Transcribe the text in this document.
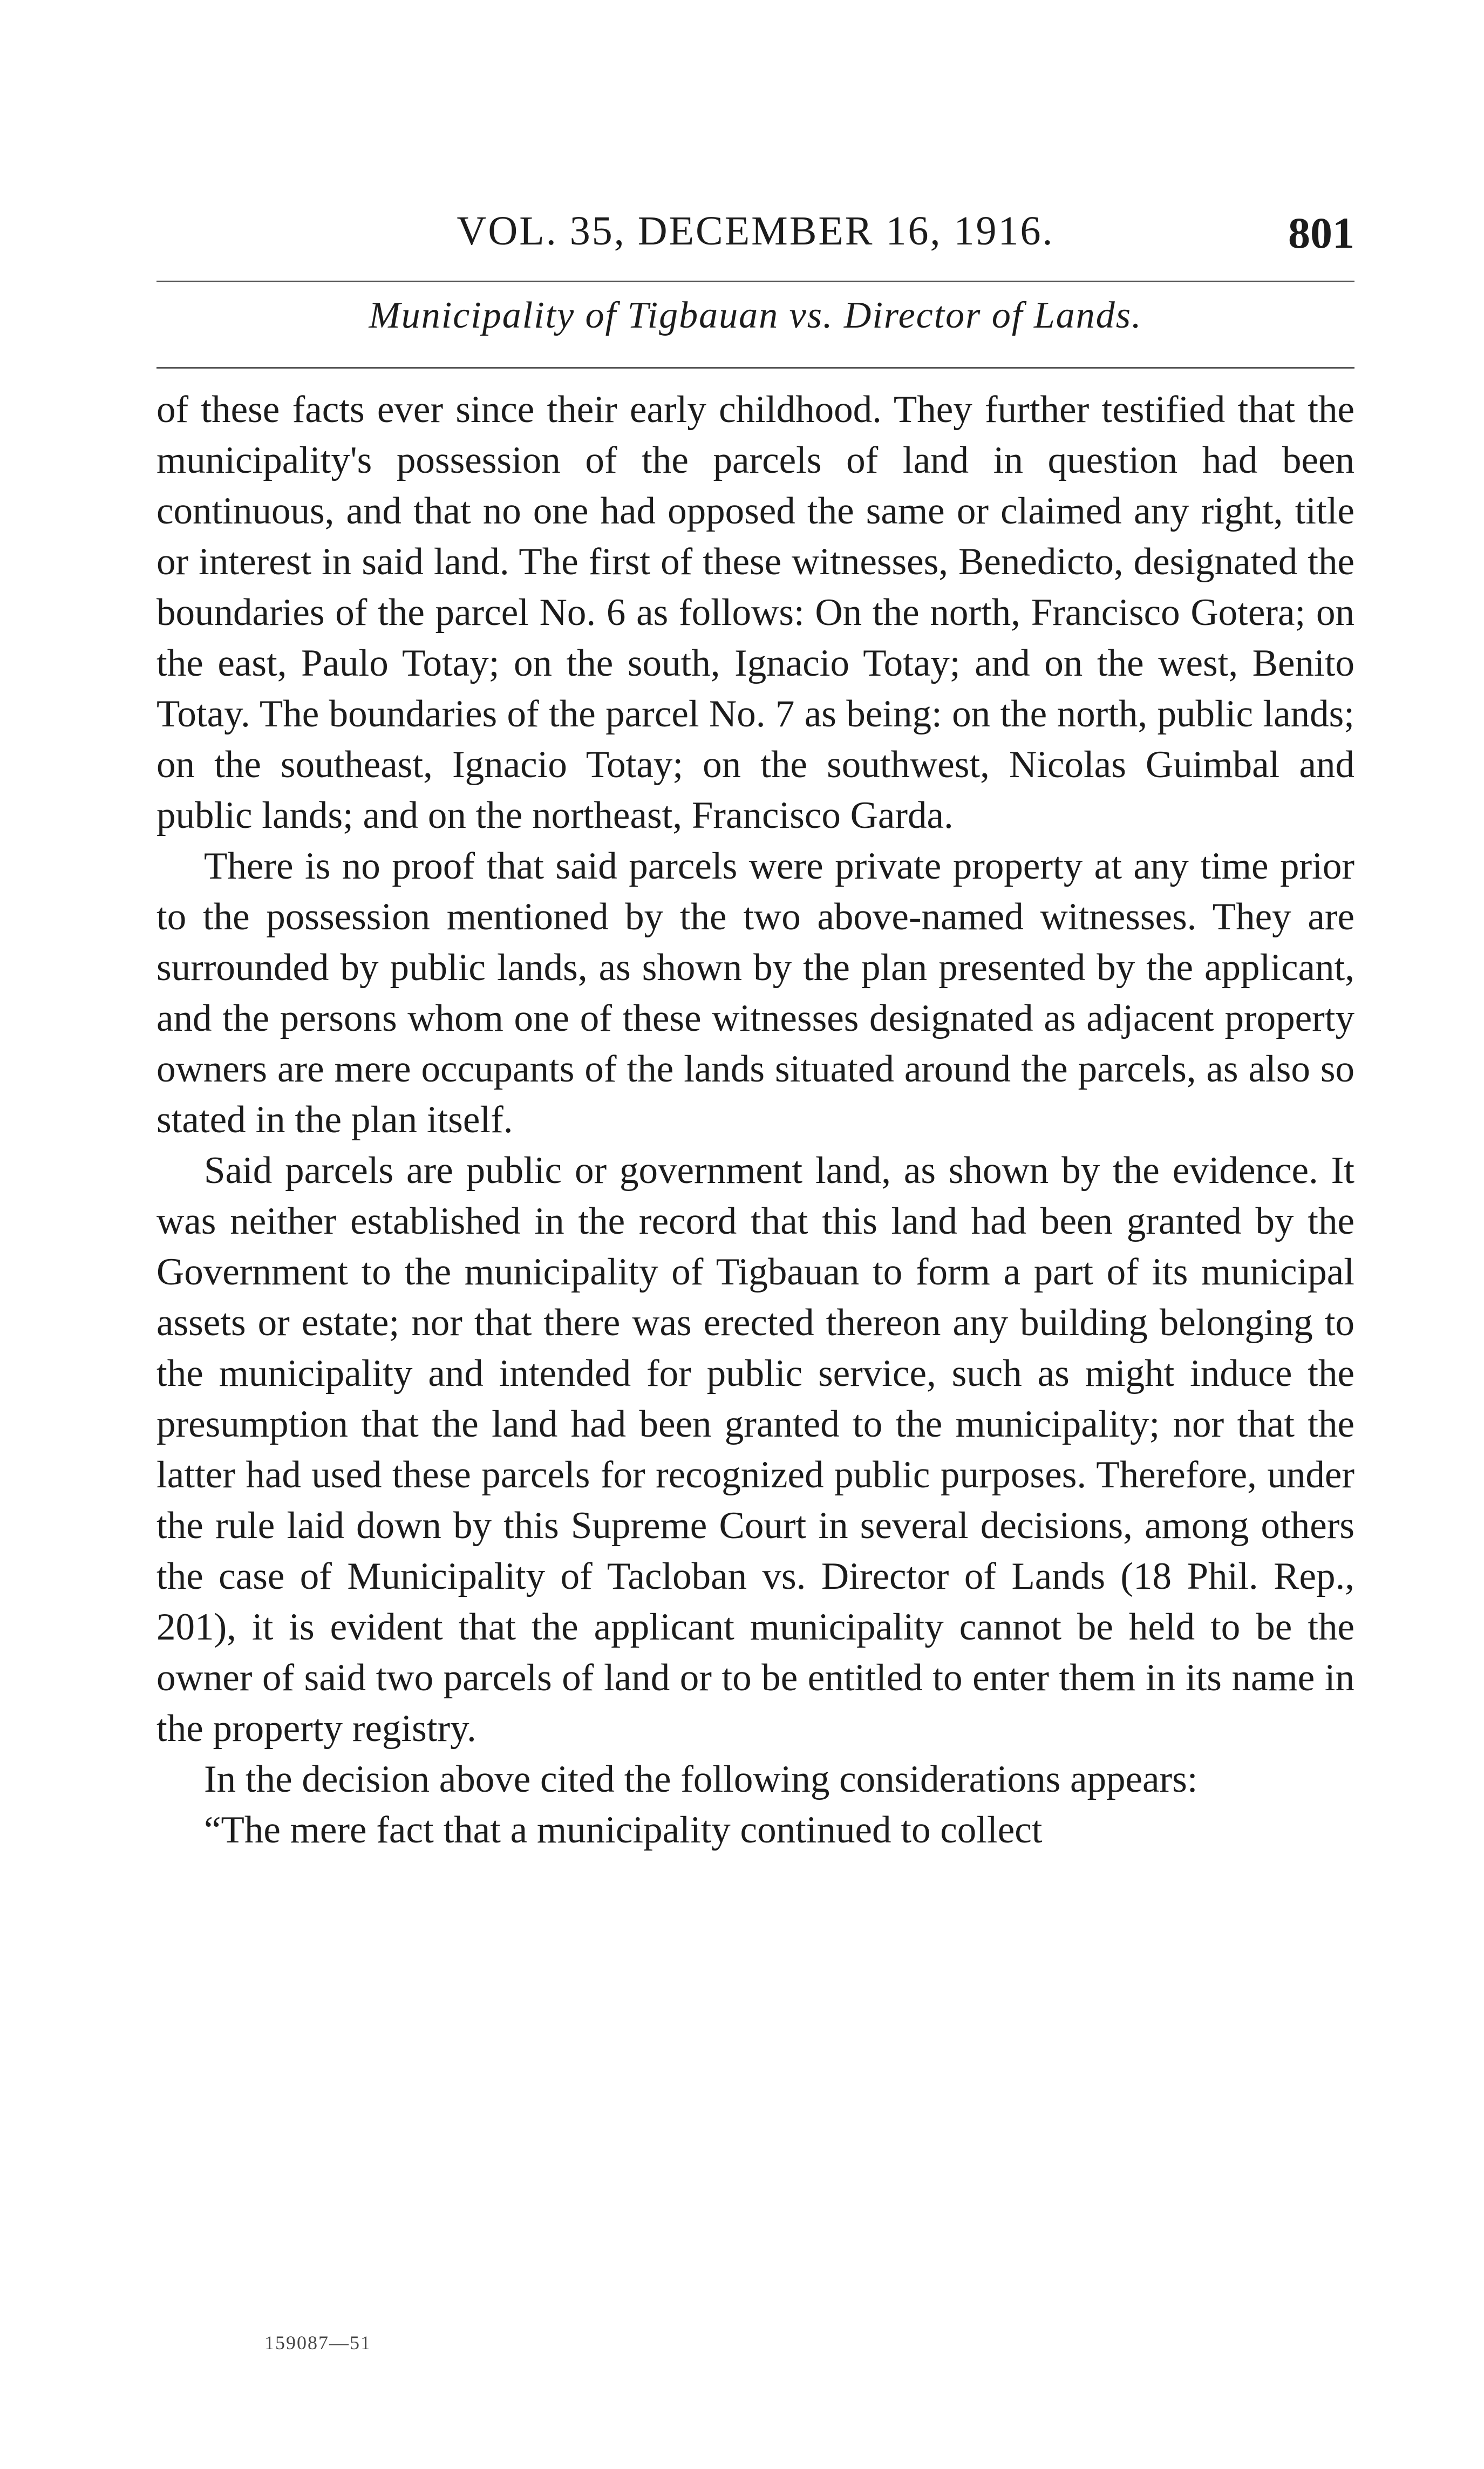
VOL. 35, DECEMBER 16, 1916.	801
Municipality of Tigbauan vs. Director of Lands.

of these facts ever since their early childhood. They further testified that the municipality's possession of the parcels of land in question had been continuous, and that no one had opposed the same or claimed any right, title or interest in said land. The first of these witnesses, Benedicto, designated the boundaries of the parcel No. 6 as follows: On the north, Francisco Gotera; on the east, Paulo Totay; on the south, Ignacio Totay; and on the west, Benito Totay. The boundaries of the parcel No. 7 as being: on the north, public lands; on the southeast, Ignacio Totay; on the southwest, Nicolas Guimbal and public lands; and on the northeast, Francisco Garda.

There is no proof that said parcels were private property at any time prior to the possession mentioned by the two above-named witnesses. They are surrounded by public lands, as shown by the plan presented by the applicant, and the persons whom one of these witnesses designated as adjacent property owners are mere occupants of the lands situated around the parcels, as also so stated in the plan itself.

Said parcels are public or government land, as shown by the evidence. It was neither established in the record that this land had been granted by the Government to the municipality of Tigbauan to form a part of its municipal assets or estate; nor that there was erected thereon any building belonging to the municipality and intended for public service, such as might induce the presumption that the land had been granted to the municipality; nor that the latter had used these parcels for recognized public purposes. Therefore, under the rule laid down by this Supreme Court in several decisions, among others the case of Municipality of Tacloban vs. Director of Lands (18 Phil. Rep., 201), it is evident that the applicant municipality cannot be held to be the owner of said two parcels of land or to be entitled to enter them in its name in the property registry.

In the decision above cited the following considerations appears:

“The mere fact that a municipality continued to collect

159087—51
